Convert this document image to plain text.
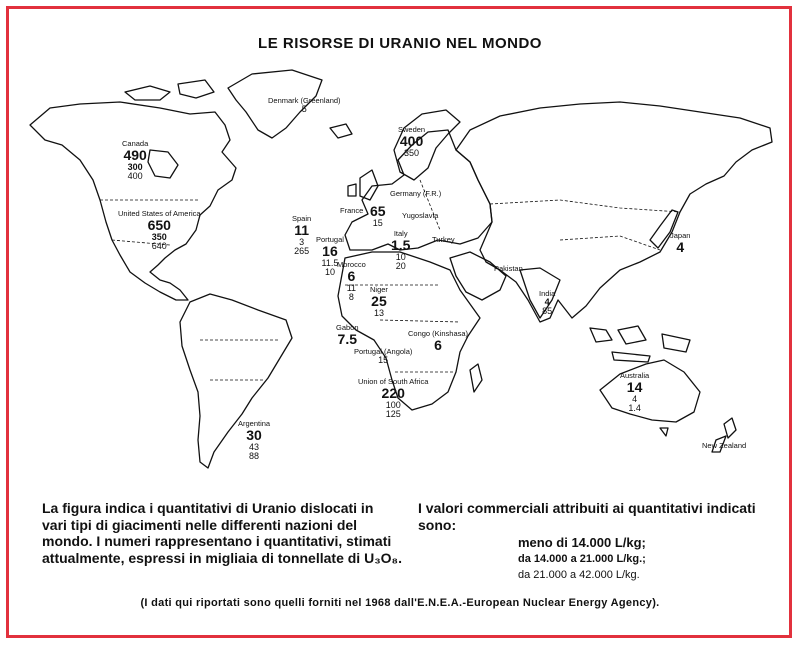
LE RISORSE DI URANIO NEL MONDO
Denmark (Greenland)
5
Canada
490
300
400
Sweden
400
350
United States of America
650
350
640
Germany (F.R.)
France 65
15
Yugoslavia
Spain
11
3
265
Portugal
16
11.5
10
Italy
1.5
10
20
Turkey	Japan
4
Morocco
6
11
8
Pakistan
Niger
25
13
India
4
85
Gabon
7.5	Congo (Kinshasa)
6
Portugal (Angola)
15
Union of South Africa
220
100
125
Australia
14
4
1.4
Argentina
30
43
88
New Zealand
La figura indica i quantitativi di Uranio dislocati in vari tipi di giacimenti nelle differenti nazioni del mondo. I numeri rappresentano i quantitativi, stimati attualmente, espressi in migliaia di tonnellate di U₃O₈.
I valori commerciali attribuiti ai quantitativi indicati sono:
meno di 14.000 L/kg;
da 14.000 a 21.000 L/kg.;
da 21.000 a 42.000 L/kg.
(I dati qui riportati sono quelli forniti nel 1968 dall'E.N.E.A.-European Nuclear Energy Agency).
